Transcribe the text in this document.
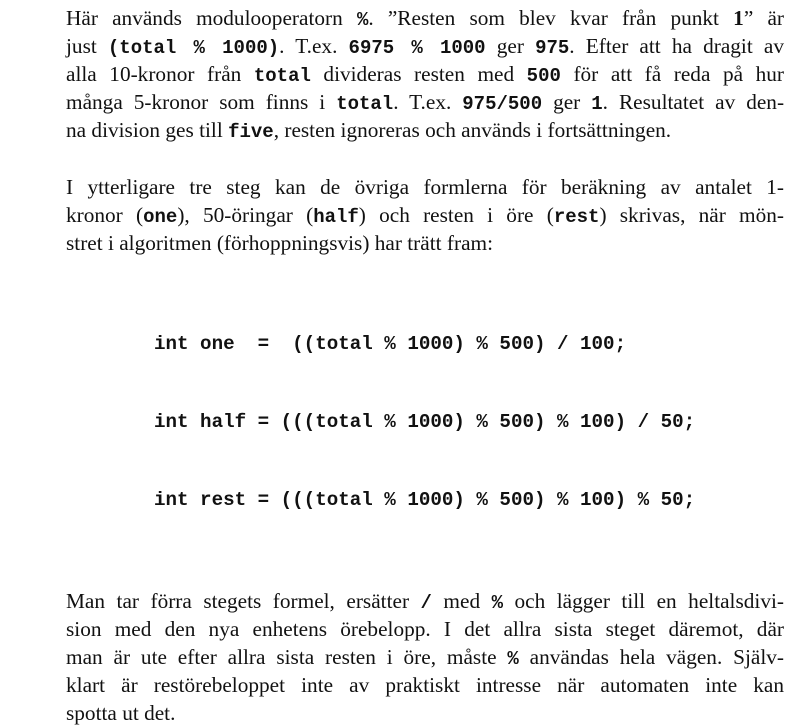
Här används modulooperatorn %. ”Resten som blev kvar från punkt 1” är
just (total % 1000). T.ex. 6975 % 1000 ger 975. Efter att ha dragit av
alla 10-kronor från total divideras resten med 500 för att få reda på hur
många 5-kronor som finns i total. T.ex. 975/500 ger 1. Resultatet av den-
na division ges till five, resten ignoreras och används i fortsättningen.
I ytterligare tre steg kan de övriga formlerna för beräkning av antalet 1-
kronor (one), 50-öringar (half) och resten i öre (rest) skrivas, när mön-
stret i algoritmen (förhoppningsvis) har trätt fram:

int one  =  ((total % 1000) % 500) / 100;

int half = (((total % 1000) % 500) % 100) / 50;

int rest = (((total % 1000) % 500) % 100) % 50;

Man tar förra stegets formel, ersätter / med % och lägger till en heltalsdivi-
sion med den nya enhetens örebelopp. I det allra sista steget däremot, där
man är ute efter allra sista resten i öre, måste % användas hela vägen. Själv-
klart är restörebeloppet inte av praktiskt intresse när automaten inte kan
spotta ut det.
